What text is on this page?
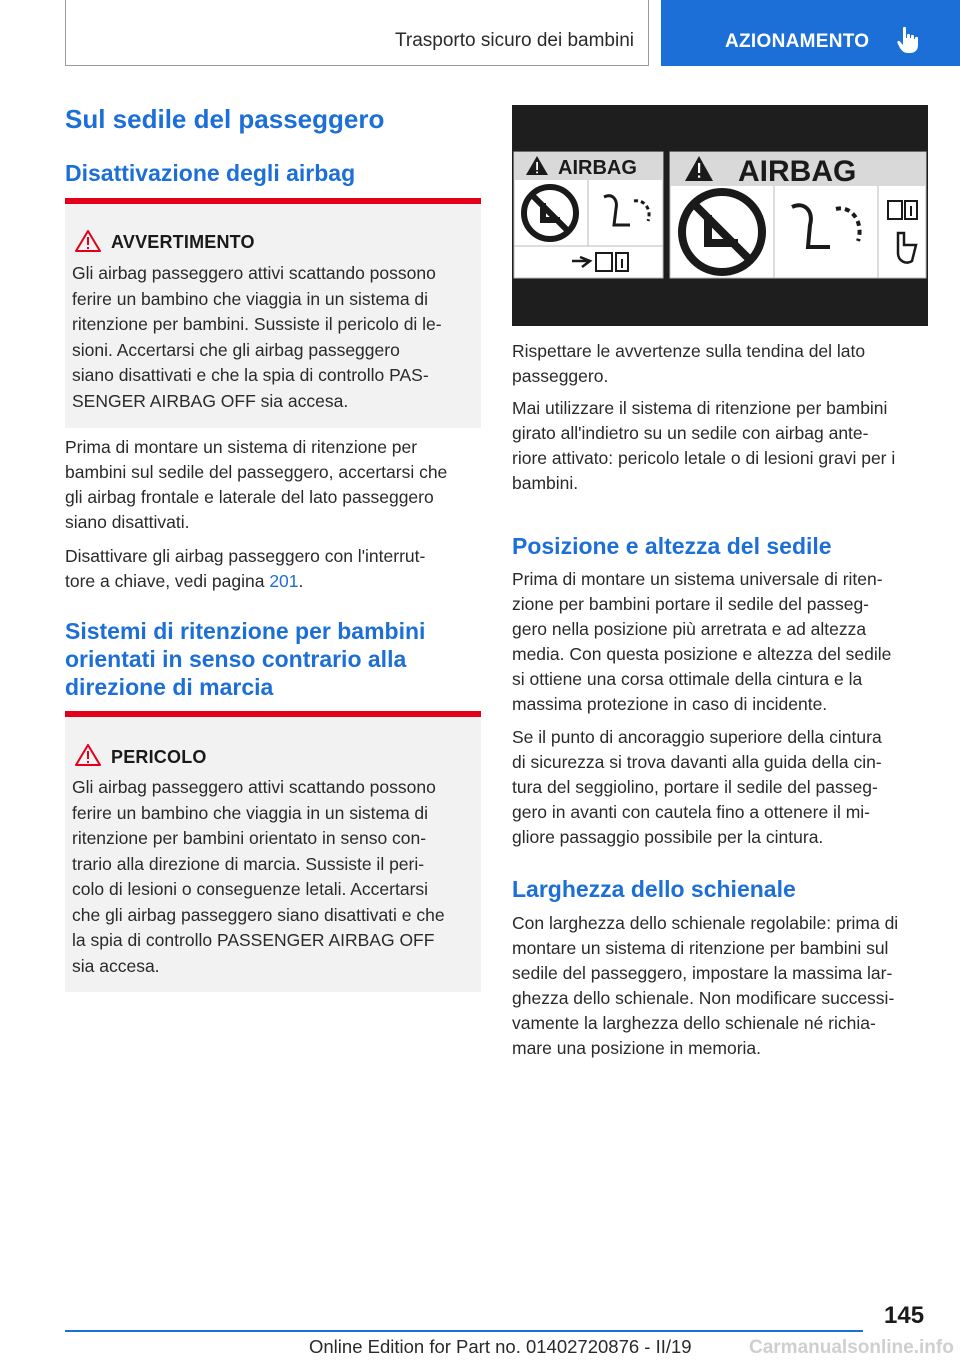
Trasporto sicuro dei bambini	AZIONAMENTO
Sul sedile del passeggero
Disattivazione degli airbag
AVVERTIMENTO
Gli airbag passeggero attivi scattando possono
ferire un bambino che viaggia in un sistema di
ritenzione per bambini. Sussiste il pericolo di le-
sioni. Accertarsi che gli airbag passeggero
siano disattivati e che la spia di controllo PAS-
SENGER AIRBAG OFF sia accesa.
Prima di montare un sistema di ritenzione per
bambini sul sedile del passeggero, accertarsi che
gli airbag frontale e laterale del lato passeggero
siano disattivati.
Disattivare gli airbag passeggero con l'interrut-
tore a chiave, vedi pagina 201.
Sistemi di ritenzione per bambini
orientati in senso contrario alla
direzione di marcia
PERICOLO
Gli airbag passeggero attivi scattando possono
ferire un bambino che viaggia in un sistema di
ritenzione per bambini orientato in senso con-
trario alla direzione di marcia. Sussiste il peri-
colo di lesioni o conseguenze letali. Accertarsi
che gli airbag passeggero siano disattivati e che
la spia di controllo PASSENGER AIRBAG OFF
sia accesa.
AIRBAG	AIRBAG
Rispettare le avvertenze sulla tendina del lato
passeggero.
Mai utilizzare il sistema di ritenzione per bambini
girato all'indietro su un sedile con airbag ante-
riore attivato: pericolo letale o di lesioni gravi per i
bambini.
Posizione e altezza del sedile
Prima di montare un sistema universale di riten-
zione per bambini portare il sedile del passeg-
gero nella posizione più arretrata e ad altezza
media. Con questa posizione e altezza del sedile
si ottiene una corsa ottimale della cintura e la
massima protezione in caso di incidente.
Se il punto di ancoraggio superiore della cintura
di sicurezza si trova davanti alla guida della cin-
tura del seggiolino, portare il sedile del passeg-
gero in avanti con cautela fino a ottenere il mi-
gliore passaggio possibile per la cintura.
Larghezza dello schienale
Con larghezza dello schienale regolabile: prima di
montare un sistema di ritenzione per bambini sul
sedile del passeggero, impostare la massima lar-
ghezza dello schienale. Non modificare successi-
vamente la larghezza dello schienale né richia-
mare una posizione in memoria.
145
Online Edition for Part no. 01402720876 - II/19	Carmanualsonline.info
